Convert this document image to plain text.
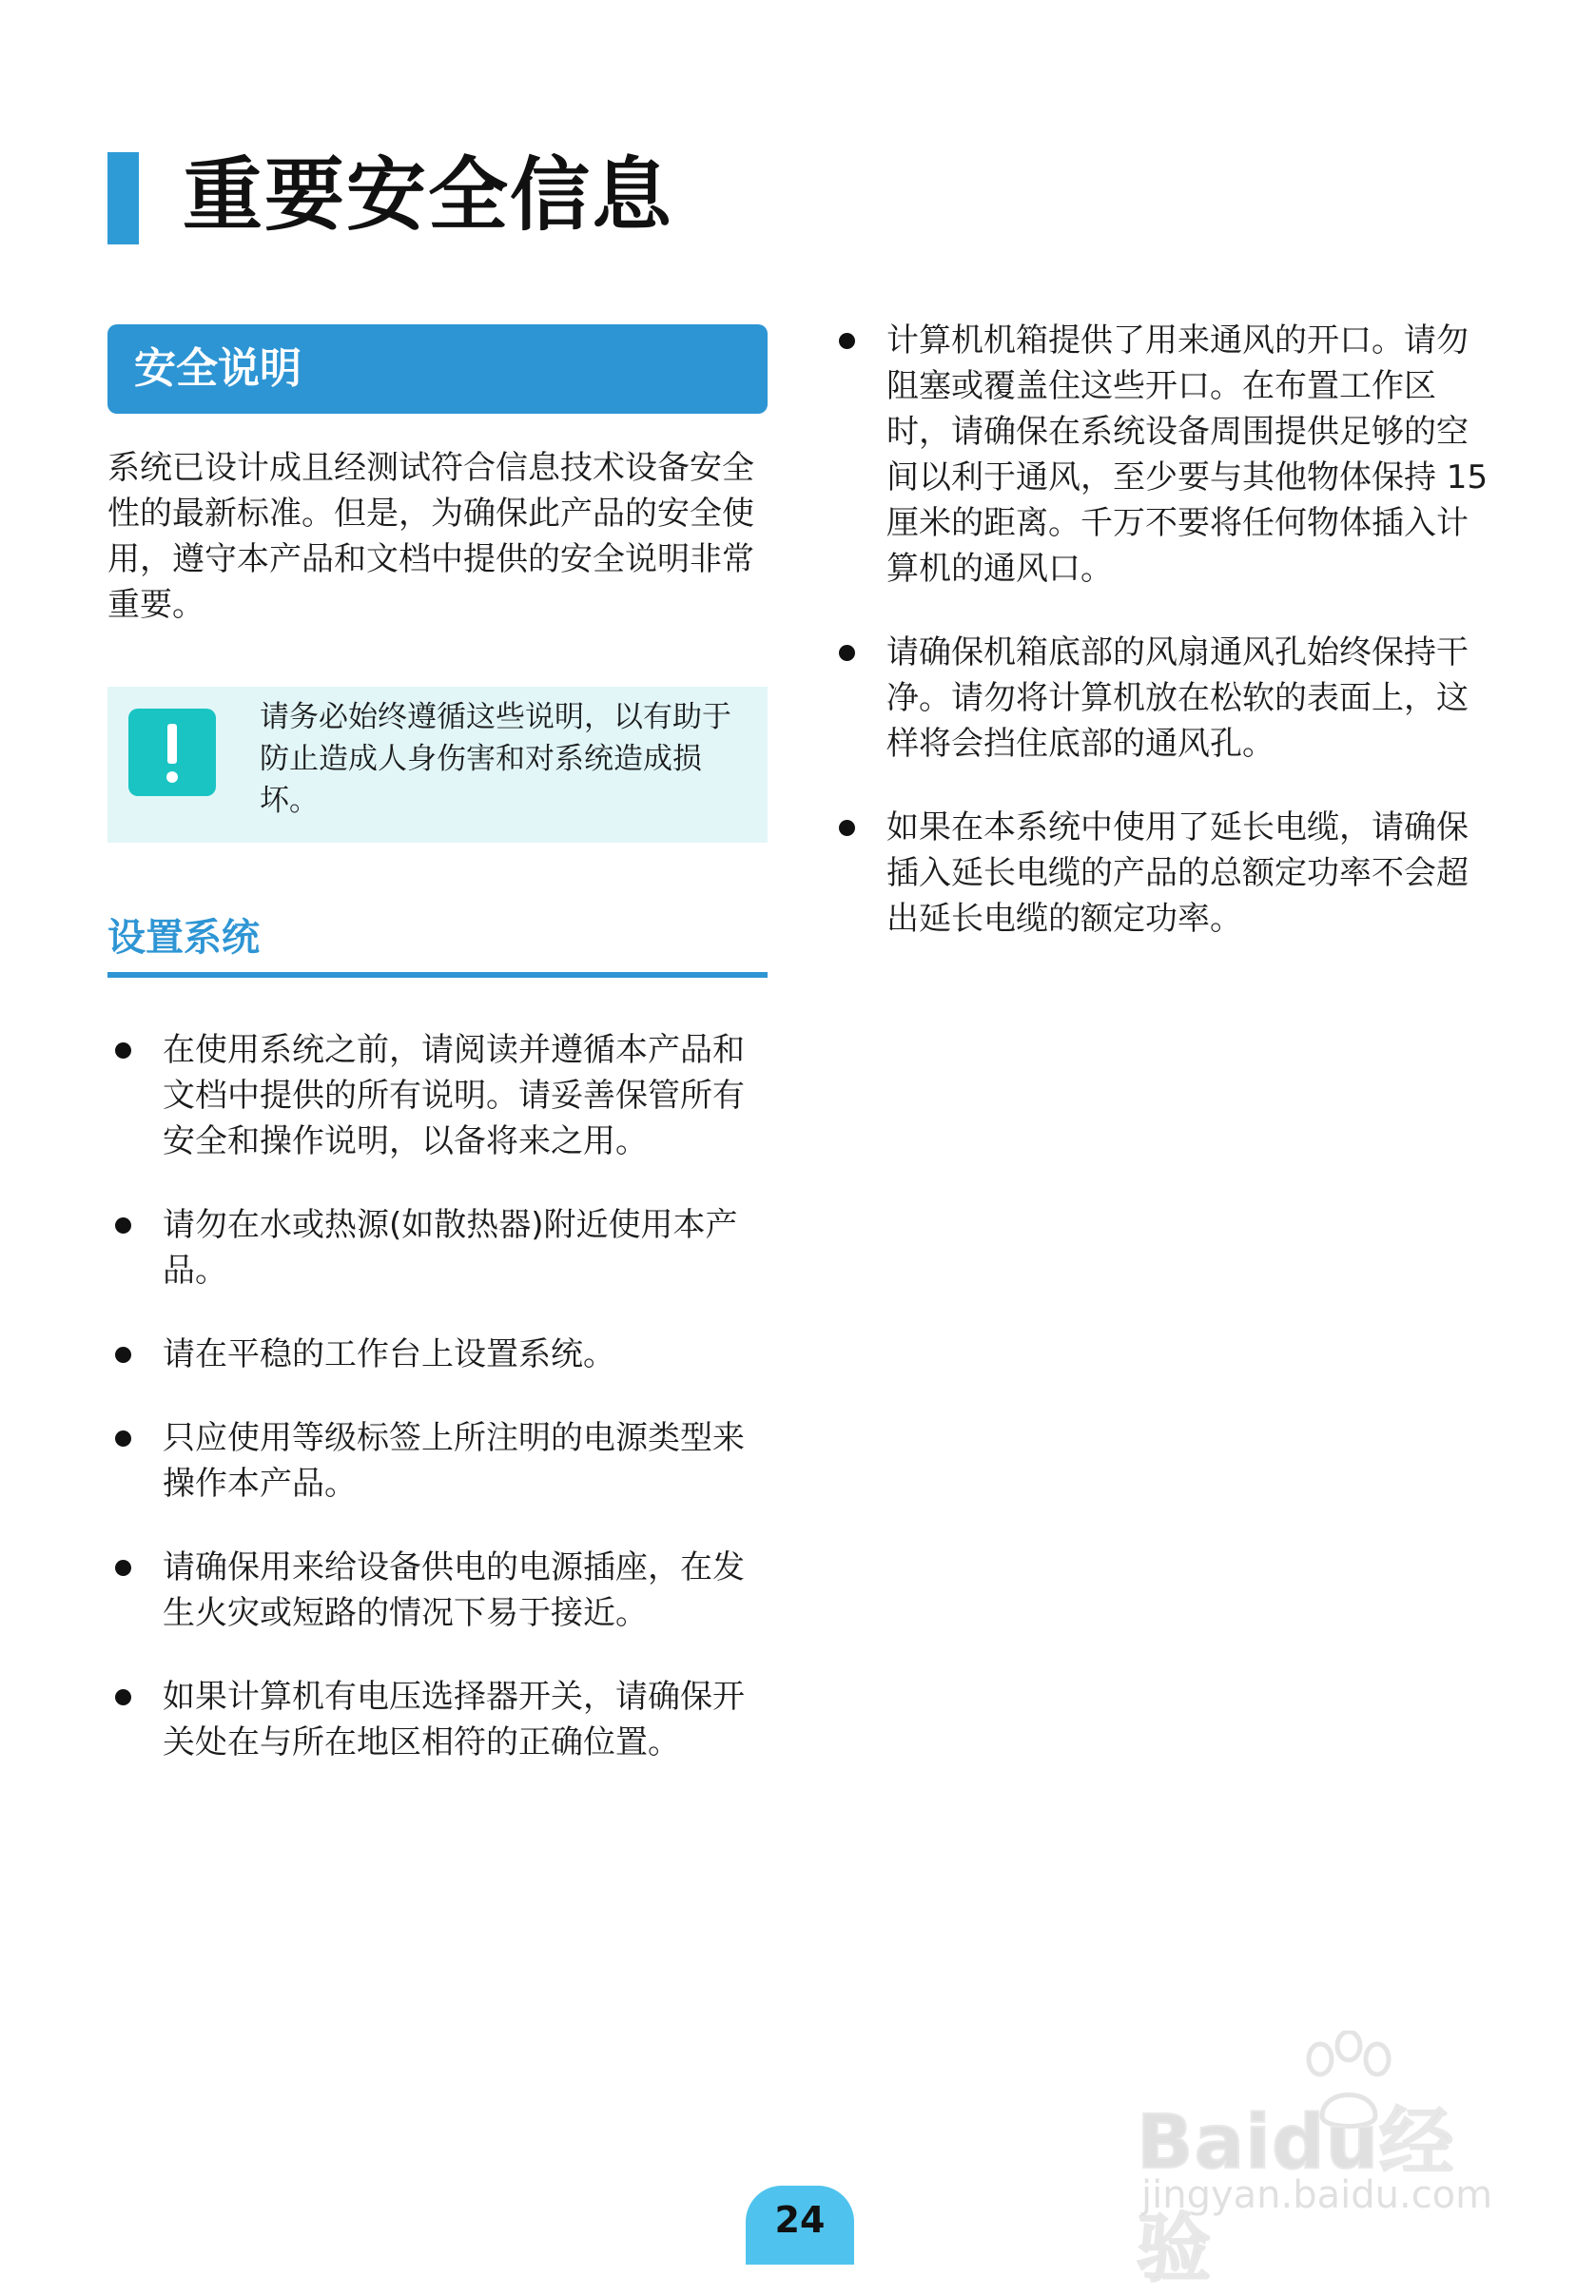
重要安全信息
安全说明

系统已设计成且经测试符合信息技术设备安全性的最新标准。但是，为确保此产品的安全使用，遵守本产品和文档中提供的安全说明非常重要。

请务必始终遵循这些说明，以有助于防止造成人身伤害和对系统造成损坏。

设置系统
在使用系统之前，请阅读并遵循本产品和文档中提供的所有说明。请妥善保管所有安全和操作说明，以备将来之用。
请勿在水或热源(如散热器)附近使用本产品。
请在平稳的工作台上设置系统。
只应使用等级标签上所注明的电源类型来操作本产品。
请确保用来给设备供电的电源插座，在发生火灾或短路的情况下易于接近。
如果计算机有电压选择器开关，请确保开关处在与所在地区相符的正确位置。
计算机机箱提供了用来通风的开口。请勿阻塞或覆盖住这些开口。在布置工作区时，请确保在系统设备周围提供足够的空间以利于通风，至少要与其他物体保持 15 厘米的距离。千万不要将任何物体插入计算机的通风口。
请确保机箱底部的风扇通风孔始终保持干净。请勿将计算机放在松软的表面上，这样将会挡住底部的通风孔。
如果在本系统中使用了延长电缆，请确保插入延长电缆的产品的总额定功率不会超出延长电缆的额定功率。
Baidu经验
jingyan.baidu.com
24
